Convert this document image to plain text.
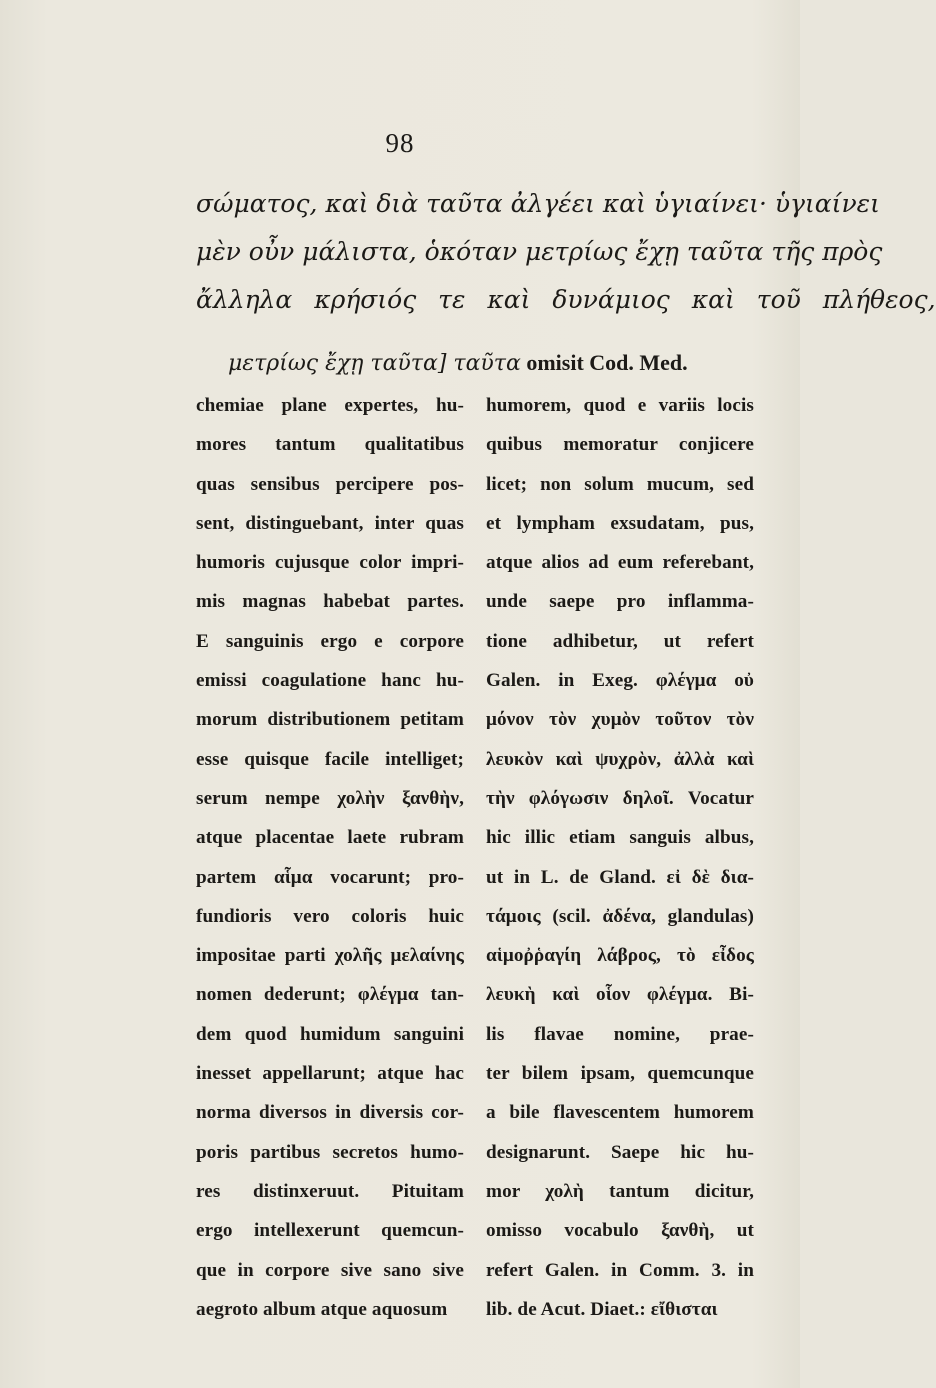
98
σώματος, καὶ διὰ ταῦτα ἀλγέει καὶ ὑγιαίνει· ὑγιαίνει
μὲν οὖν μάλιστα, ὁκόταν μετρίως ἔχῃ ταῦτα τῆς πρὸς
ἄλληλα κρήσιός τε καὶ δυνάμιος καὶ τοῦ πλήθεος,
μετρίως ἔχῃ ταῦτα] ταῦτα omisit Cod. Med.
chemiae plane expertes, hu-
mores tantum qualitatibus
quas sensibus percipere pos-
sent, distinguebant, inter quas
humoris cujusque color impri-
mis magnas habebat partes.
E sanguinis ergo e corpore
emissi coagulatione hanc hu-
morum distributionem petitam
esse quisque facile intelliget;
serum nempe χολὴν ξανθὴν,
atque placentae laete rubram
partem αἷμα vocarunt; pro-
fundioris vero coloris huic
impositae parti χολῆς μελαίνης
nomen dederunt; φλέγμα tan-
dem quod humidum sanguini
inesset appellarunt; atque hac
norma diversos in diversis cor-
poris partibus secretos humo-
res distinxeruut. Pituitam
ergo intellexerunt quemcun-
que in corpore sive sano sive
aegroto album atque aquosum
humorem, quod e variis locis
quibus memoratur conjicere
licet; non solum mucum, sed
et lympham exsudatam, pus,
atque alios ad eum referebant,
unde saepe pro inflamma-
tione adhibetur, ut refert
Galen. in Exeg. φλέγμα οὐ
μόνον τὸν χυμὸν τοῦτον τὸν
λευκὸν καὶ ψυχρὸν, ἀλλὰ καὶ
τὴν φλόγωσιν δηλοῖ. Vocatur
hic illic etiam sanguis albus,
ut in L. de Gland. εἰ δὲ δια-
τάμοις (scil. ἀδένα, glandulas)
αἱμοῤῥαγίη λάβρος, τὸ εἶδος
λευκὴ καὶ οἷον φλέγμα. Bi-
lis flavae nomine, prae-
ter bilem ipsam, quemcunque
a bile flavescentem humorem
designarunt. Saepe hic hu-
mor χολὴ tantum dicitur,
omisso vocabulo ξανθὴ, ut
refert Galen. in Comm. 3. in
lib. de Acut. Diaet.: εἴθισται
